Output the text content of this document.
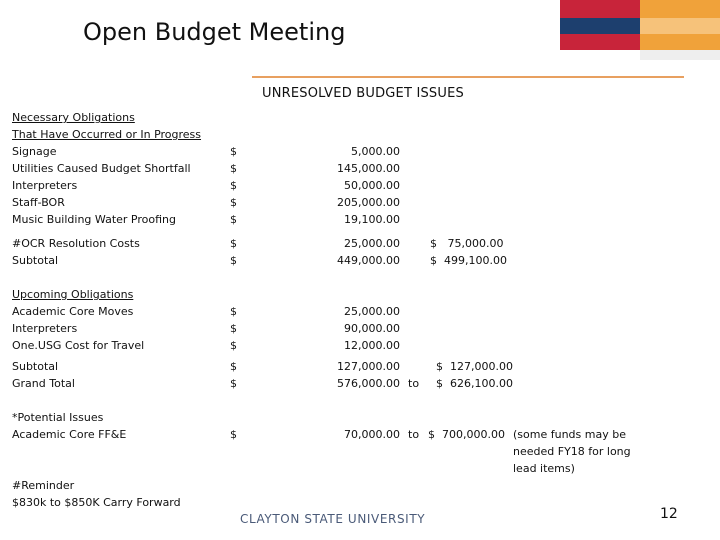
Open Budget Meeting
UNRESOLVED BUDGET ISSUES
Necessary Obligations
That Have Occurred or In Progress
Signage	$	5,000.00
Utilities Caused Budget Shortfall	$	145,000.00
Interpreters	$	50,000.00
Staff-BOR	$	205,000.00
Music Building Water Proofing	$	19,100.00
#OCR Resolution Costs	$	25,000.00	$   75,000.00
Subtotal	$	449,000.00	$  499,100.00
Upcoming Obligations
Academic Core Moves	$	25,000.00
Interpreters	$	90,000.00
One.USG Cost for Travel	$	12,000.00
Subtotal	$	127,000.00	$  127,000.00
Grand Total	$	576,000.00 to $  626,100.00
*Potential Issues
Academic Core FF&E	$	70,000.00 to $  700,000.00 (some funds may be
needed FY18 for long
lead items)
#Reminder
$830k to $850K Carry Forward
CLAYTON STATE UNIVERSITY	12
